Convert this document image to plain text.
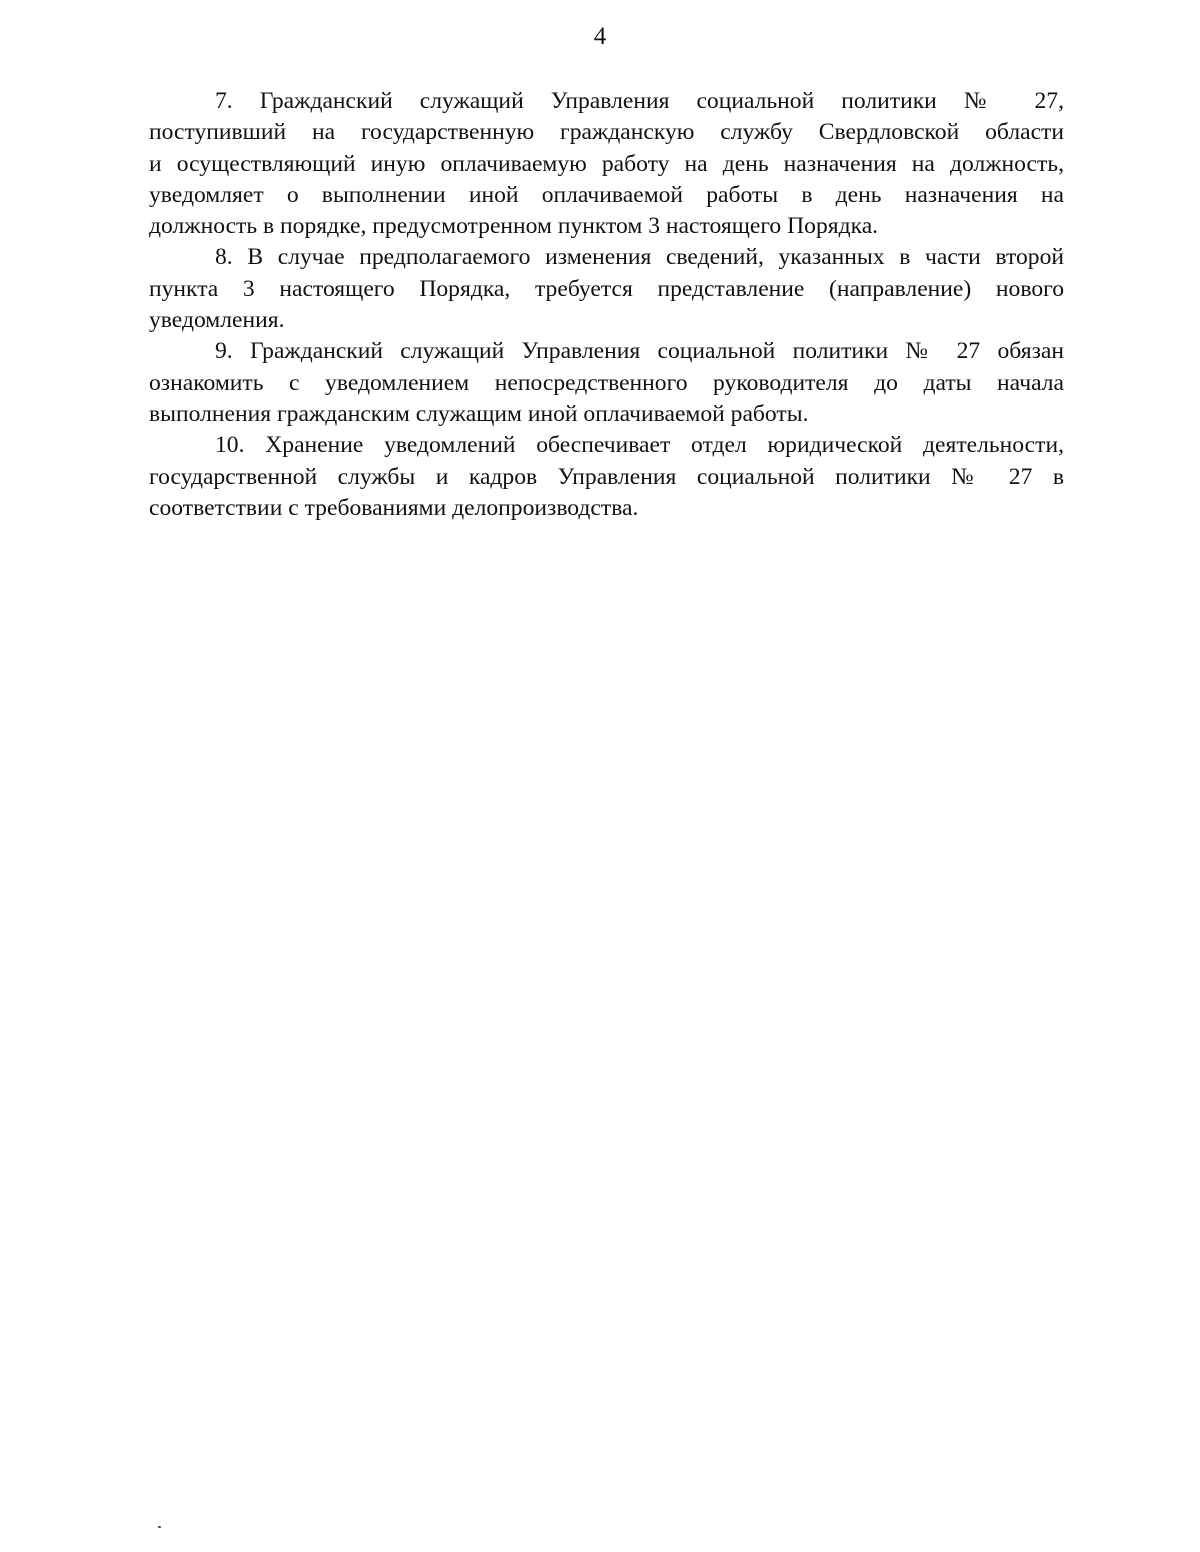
4

7. Гражданский служащий Управления социальной политики № 27,
поступивший на государственную гражданскую службу Свердловской области
и осуществляющий иную оплачиваемую работу на день назначения на должность,
уведомляет о выполнении иной оплачиваемой работы в день назначения на
должность в порядке, предусмотренном пунктом 3 настоящего Порядка.

8. В случае предполагаемого изменения сведений, указанных в части второй
пункта 3 настоящего Порядка, требуется представление (направление) нового
уведомления.

9. Гражданский служащий Управления социальной политики № 27 обязан
ознакомить с уведомлением непосредственного руководителя до даты начала
выполнения гражданским служащим иной оплачиваемой работы.

10. Хранение уведомлений обеспечивает отдел юридической деятельности,
государственной службы и кадров Управления социальной политики № 27 в
соответствии с требованиями делопроизводства.
